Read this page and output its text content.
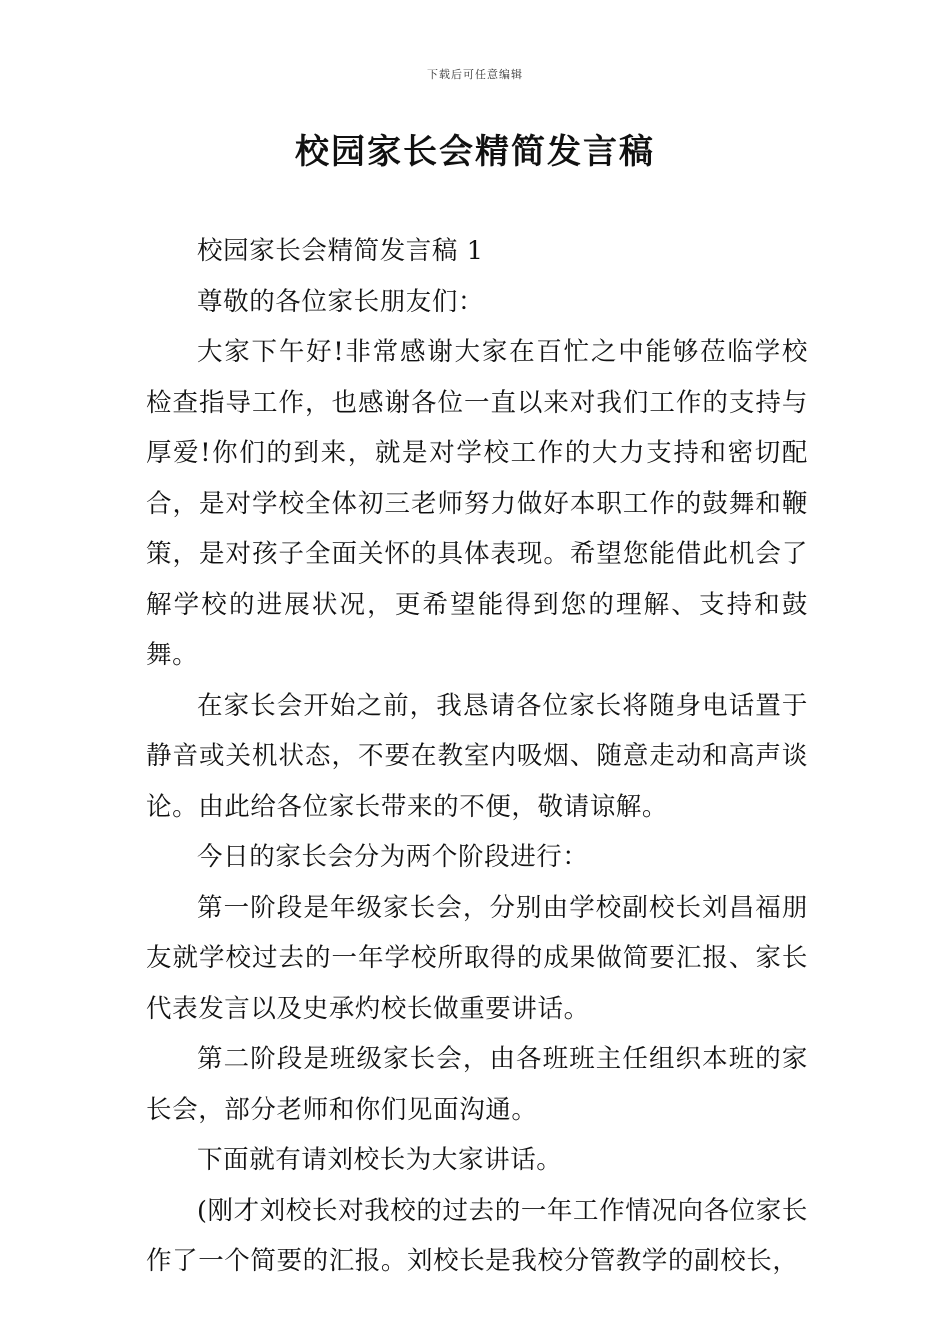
下载后可任意编辑
校园家长会精简发言稿

校园家长会精简发言稿 1

尊敬的各位家长朋友们：

大家下午好!非常感谢大家在百忙之中能够莅临学校检查指导工作，也感谢各位一直以来对我们工作的支持与厚爱!你们的到来，就是对学校工作的大力支持和密切配合，是对学校全体初三老师努力做好本职工作的鼓舞和鞭策，是对孩子全面关怀的具体表现。希望您能借此机会了解学校的进展状况，更希望能得到您的理解、支持和鼓舞。

在家长会开始之前，我恳请各位家长将随身电话置于静音或关机状态，不要在教室内吸烟、随意走动和高声谈论。由此给各位家长带来的不便，敬请谅解。

今日的家长会分为两个阶段进行：

第一阶段是年级家长会，分别由学校副校长刘昌福朋友就学校过去的一年学校所取得的成果做简要汇报、家长代表发言以及史承灼校长做重要讲话。

第二阶段是班级家长会，由各班班主任组织本班的家长会，部分老师和你们见面沟通。

下面就有请刘校长为大家讲话。

(刚才刘校长对我校的过去的一年工作情况向各位家长作了一个简要的汇报。刘校长是我校分管教学的副校长，
